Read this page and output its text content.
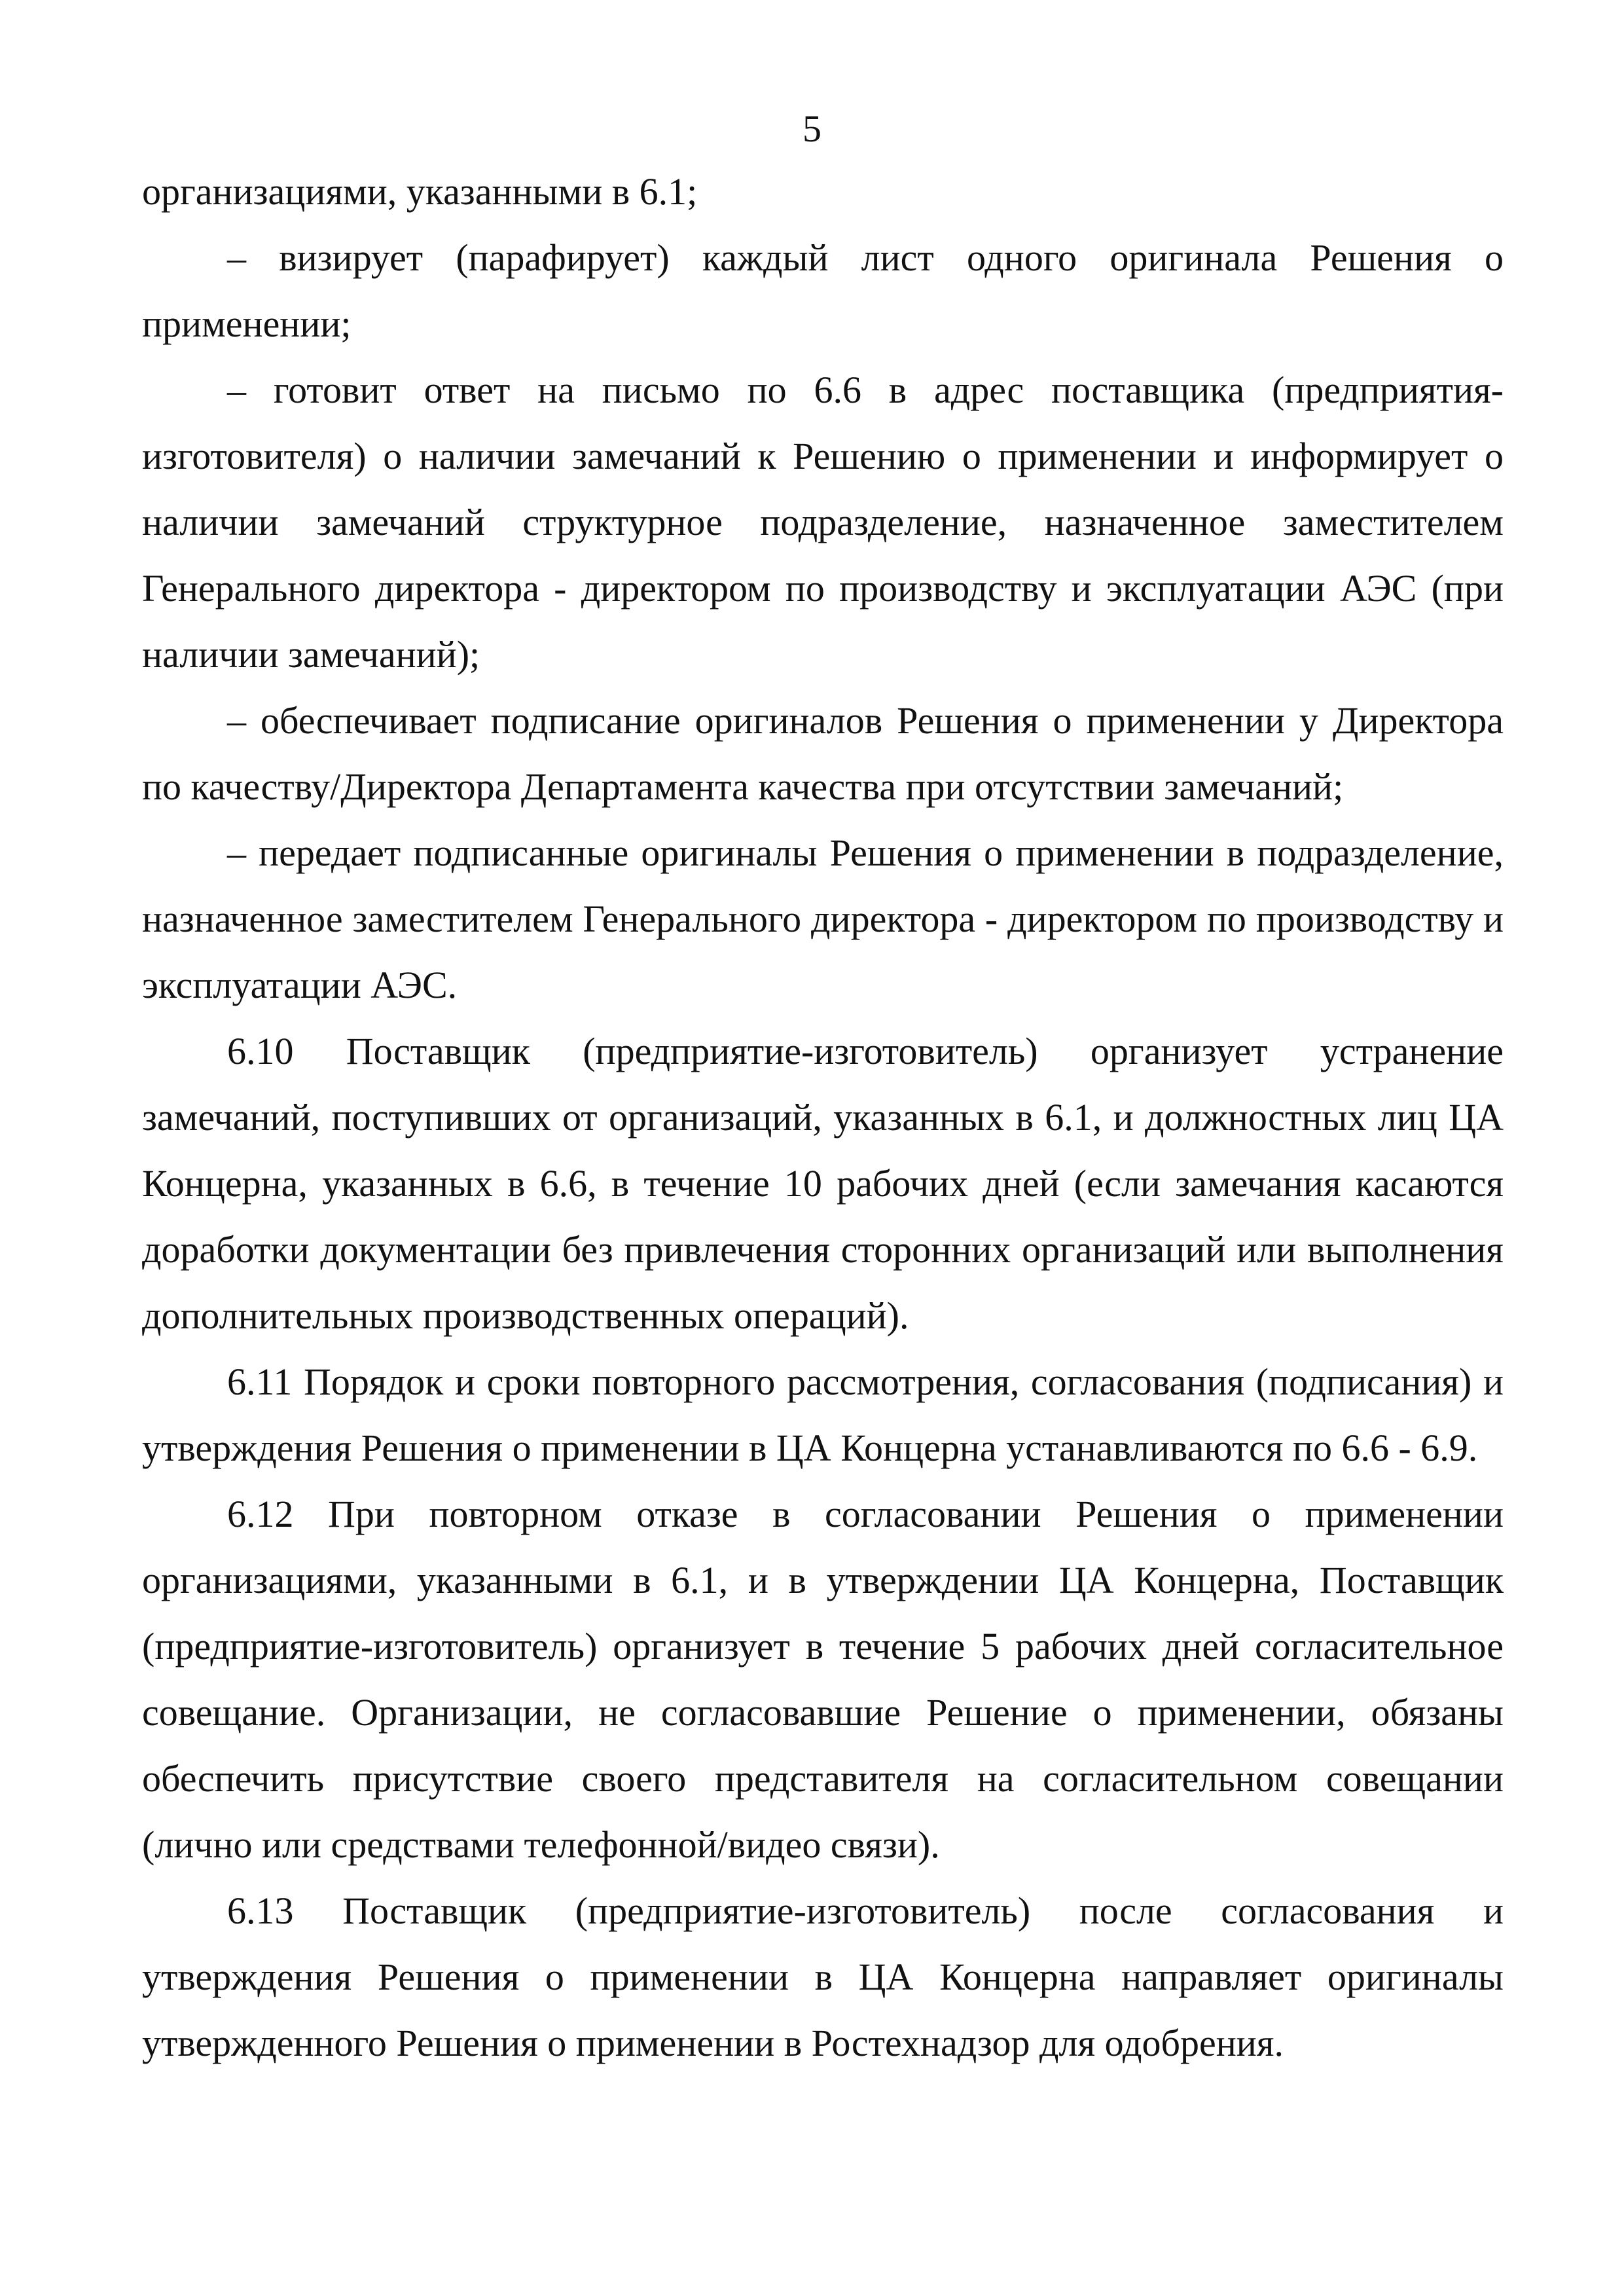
5

организациями, указанными в 6.1;

– визирует (парафирует) каждый лист одного оригинала Решения о применении;

– готовит ответ на письмо по 6.6 в адрес поставщика (предприятия-изготовителя) о наличии замечаний к Решению о применении и информирует о наличии замечаний структурное подразделение, назначенное заместителем Генерального директора - директором по производству и эксплуатации АЭС (при наличии замечаний);

– обеспечивает подписание оригиналов Решения о применении у Директора по качеству/Директора Департамента качества при отсутствии замечаний;

– передает подписанные оригиналы Решения о применении в подразделение, назначенное заместителем Генерального директора - директором по производству и эксплуатации АЭС.

6.10 Поставщик (предприятие-изготовитель) организует устранение замечаний, поступивших от организаций, указанных в 6.1, и должностных лиц ЦА Концерна, указанных в 6.6, в течение 10 рабочих дней (если замечания касаются доработки документации без привлечения сторонних организаций или выполнения дополнительных производственных операций).

6.11 Порядок и сроки повторного рассмотрения, согласования (подписания) и утверждения Решения о применении в ЦА Концерна устанавливаются по 6.6 - 6.9.

6.12 При повторном отказе в согласовании Решения о применении организациями, указанными в 6.1, и в утверждении ЦА Концерна, Поставщик (предприятие-изготовитель) организует в течение 5 рабочих дней согласительное совещание. Организации, не согласовавшие Решение о применении, обязаны обеспечить присутствие своего представителя на согласительном совещании (лично или средствами телефонной/видео связи).

6.13 Поставщик (предприятие-изготовитель) после согласования и утверждения Решения о применении в ЦА Концерна направляет оригиналы утвержденного Решения о применении в Ростехнадзор для одобрения.
